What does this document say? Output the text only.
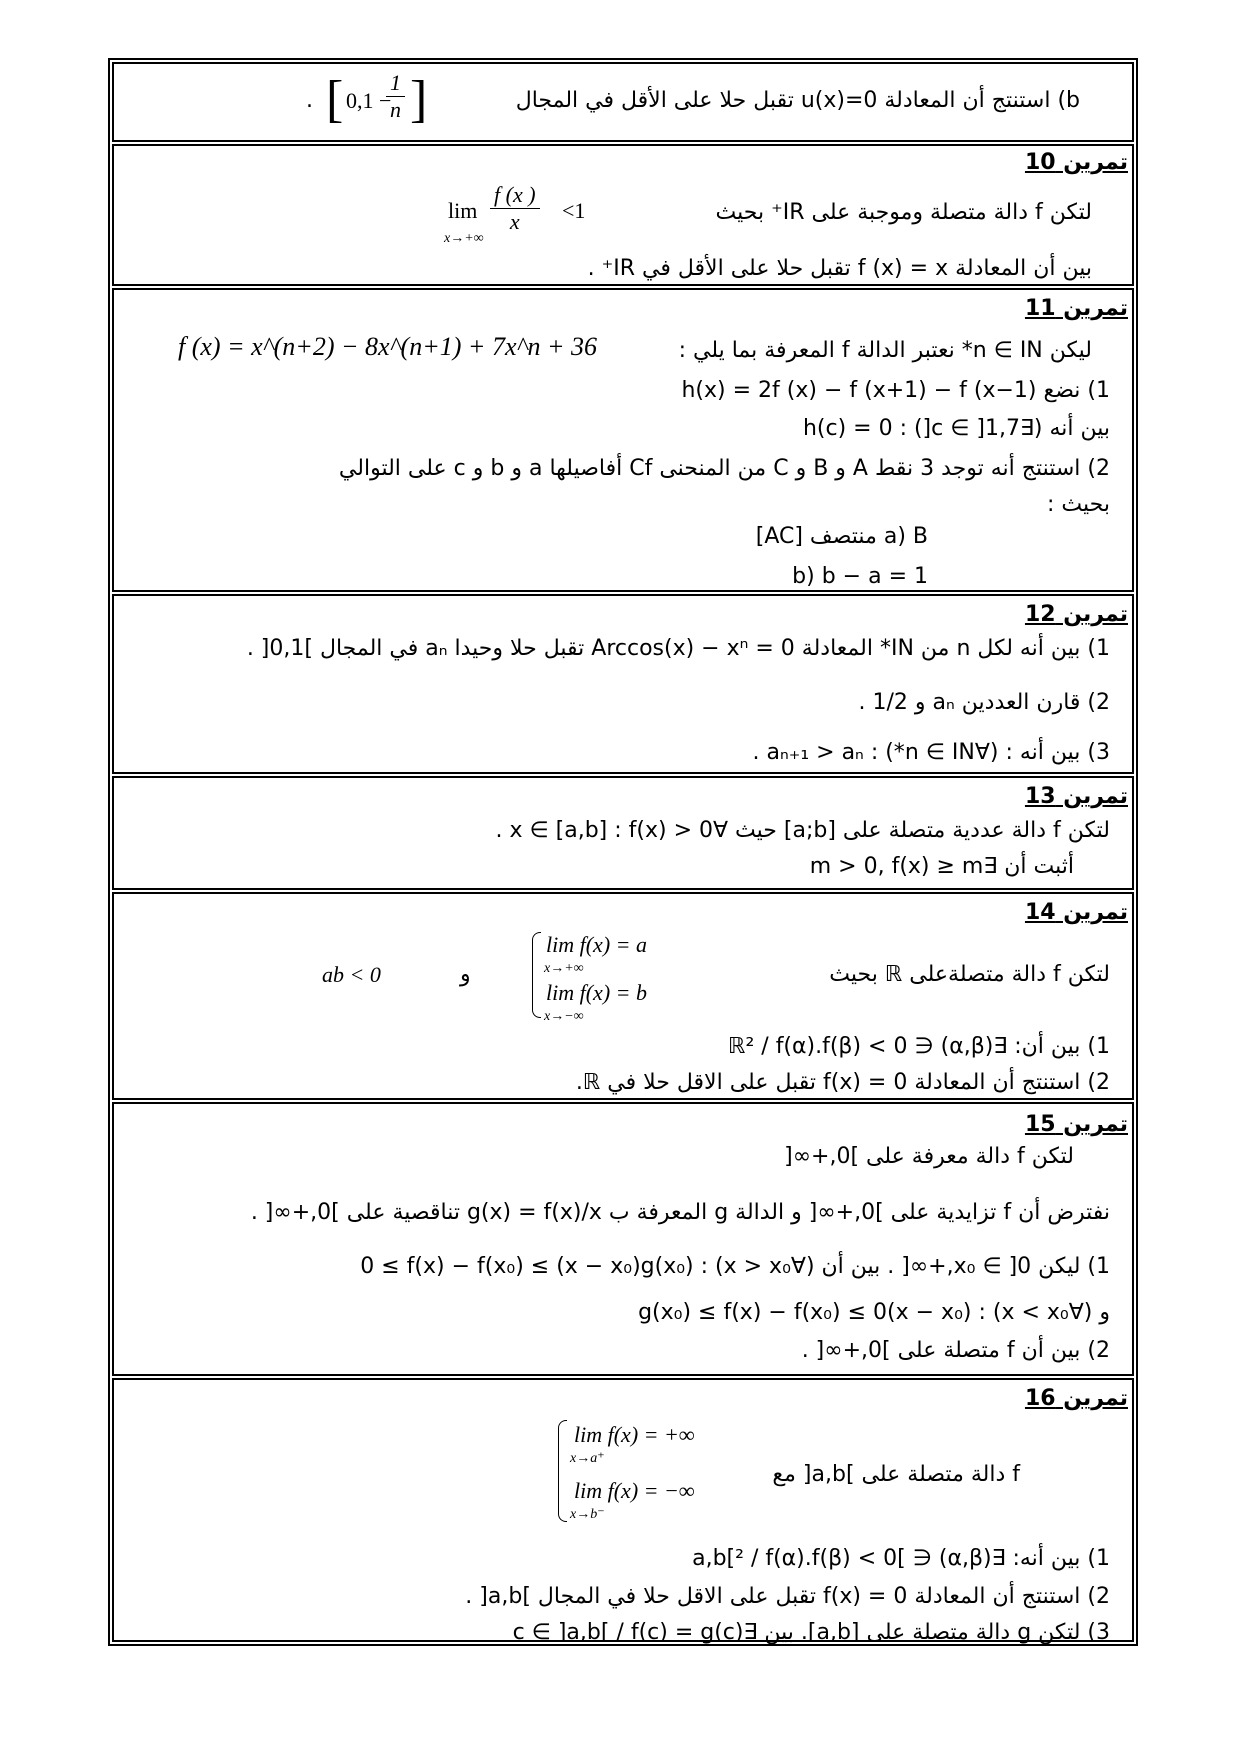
b) استنتج أن المعادلة u(x)=0 تقبل حلا على الأقل في المجال
[ 0,1 −
$\frac{1}{n}$ ]
.
تمرين 10
لتكن f دالة متصلة وموجبة على IR⁺ بحيث
lim
x→+∞
$\frac{f (x )}{x} <1$
بين أن المعادلة f (x) = x تقبل حلا على الأقل في IR⁺ .
تمرين 11
ليكن n ∈ IN* نعتبر الدالة f المعرفة بما يلي :
f (x) = x^(n+2) − 8x^(n+1) + 7x^n + 36
1) نضع h(x) = 2f (x) − f (x+1) − f (x−1)
بين أنه (∃c ∈ ]1,7[) : h(c) = 0
2) استنتج أنه توجد 3 نقط A و B و C من المنحنى Cf أفاصيلها a و b و c على التوالي
بحيث :
a) B منتصف [AC]
b) b − a = 1
تمرين 12
1) بين أنه لكل n من IN* المعادلة Arccos(x) − xⁿ = 0 تقبل حلا وحيدا aₙ في المجال ]0,1[ .
2) قارن العددين aₙ و 1/2 .
3) بين أنه : (∀n ∈ IN*) : aₙ₊₁ > aₙ .
تمرين 13
لتكن f دالة عددية متصلة على [a;b] حيث ∀x ∈ [a,b] : f(x) > 0 .
أثبت أن ∃m > 0, f(x) ≥ m
تمرين 14
لتكن f دالة متصلةعلى ℝ بحيث
lim f(x) = a
x→+∞
lim f(x) = b
x→−∞
و
ab < 0
1) بين أن: ∃(α,β) ∈ ℝ² / f(α).f(β) < 0
2) استنتج أن المعادلة f(x) = 0 تقبل على الاقل حلا في ℝ.
تمرين 15
لتكن f دالة معرفة على ]0,+∞[
نفترض أن f تزايدية على ]0,+∞[ و الدالة g المعرفة ب g(x) = f(x)/x تناقصية على ]0,+∞[ .
1) ليكن x₀ ∈ ]0,+∞[ . بين أن (∀x > x₀) : 0 ≤ f(x) − f(x₀) ≤ (x − x₀)g(x₀)
و (∀x < x₀) : (x − x₀)g(x₀) ≤ f(x) − f(x₀) ≤ 0
2) بين أن f متصلة على ]0,+∞[ .
تمرين 16
lim f(x) = +∞
x→a⁺
lim f(x) = −∞
x→b⁻
f دالة متصلة على ]a,b[ مع
1) بين أنه: ∃(α,β) ∈ ]a,b[² / f(α).f(β) < 0
2) استنتج أن المعادلة f(x) = 0 تقبل على الاقل حلا في المجال ]a,b[ .
3) لتكن g دالة متصلة على [a,b]. بين ∃c ∈ ]a,b[ / f(c) = g(c)
